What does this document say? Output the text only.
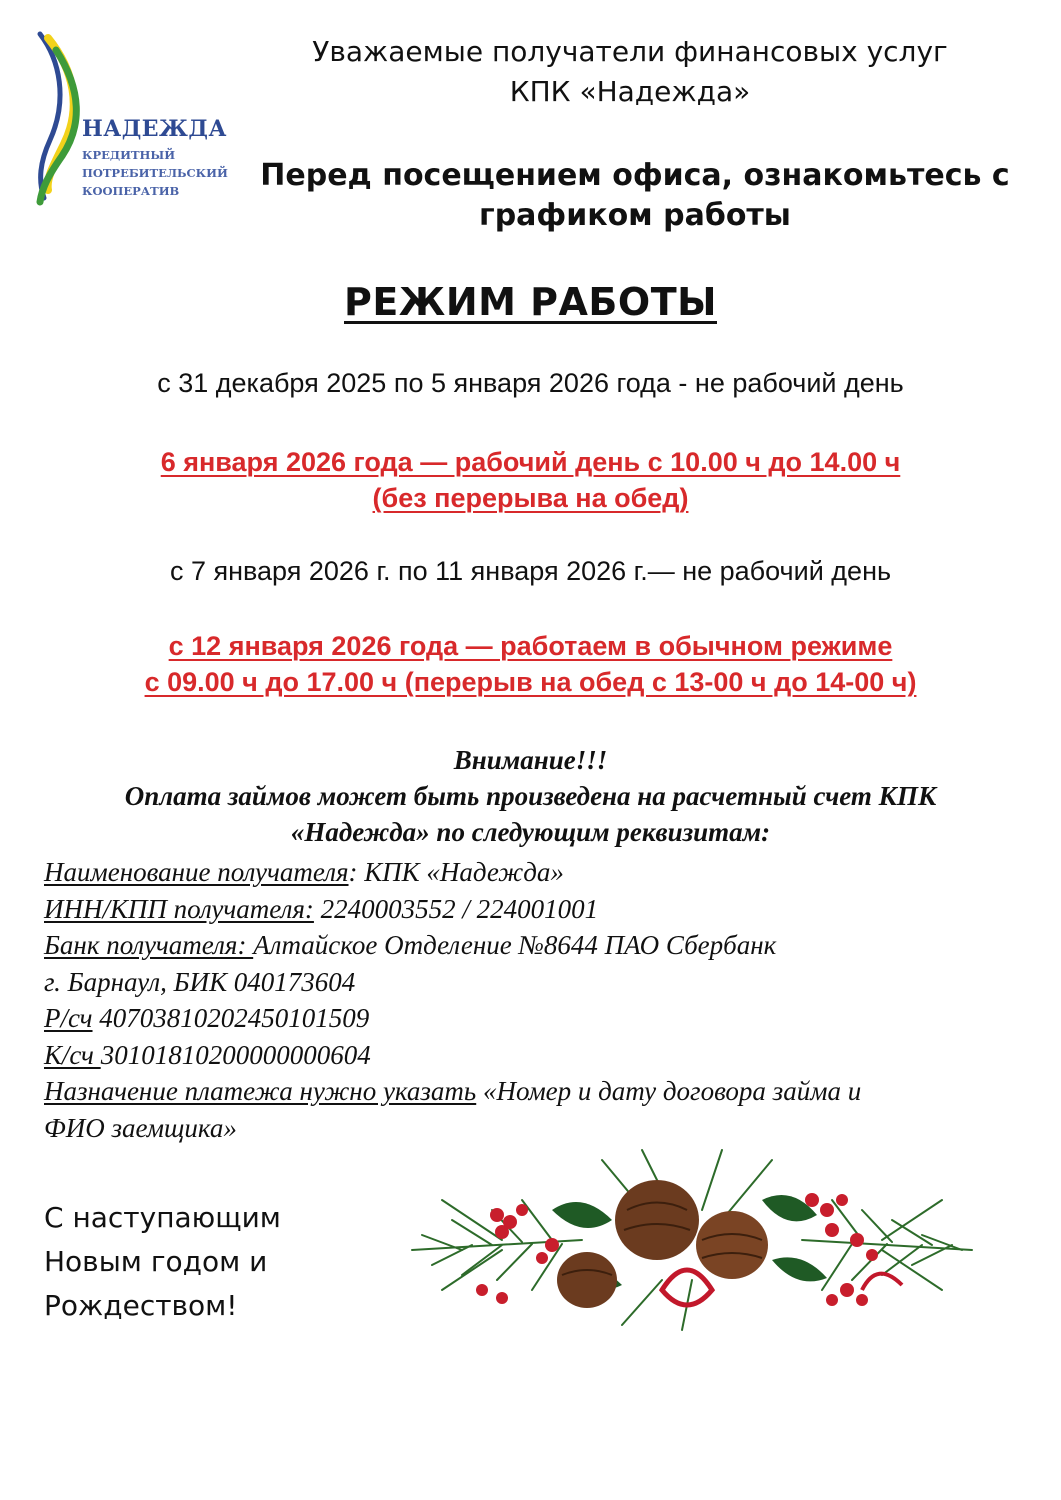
НАДЕЖДА
КРЕДИТНЫЙ
ПОТРЕБИТЕЛЬСКИЙ
КООПЕРАТИВ
Уважаемые получатели финансовых услуг
КПК «Надежда»
Перед посещением офиса, ознакомьтесь с
графиком работы
РЕЖИМ РАБОТЫ
с 31 декабря 2025 по 5 января 2026 года - не рабочий день
6 января 2026 года — рабочий день с 10.00 ч до 14.00 ч
(без перерыва на обед)
с 7 января 2026 г. по 11 января 2026 г.— не рабочий день
с 12 января 2026 года — работаем в обычном режиме
с 09.00 ч до 17.00 ч (перерыв на обед с 13-00 ч до 14-00 ч)
Внимание!!!
Оплата займов может быть произведена на расчетный счет КПК
«Надежда» по следующим реквизитам:
Наименование получателя: КПК «Надежда»
ИНН/КПП получателя: 2240003552 / 224001001
Банк получателя: Алтайское Отделение №8644 ПАО Сбербанк
г. Барнаул, БИК 040173604
Р/сч 40703810202450101509
К/сч 30101810200000000604
Назначение платежа нужно указать «Номер и дату договора займа и
ФИО заемщика»
С наступающим
Новым годом и
Рождеством!
